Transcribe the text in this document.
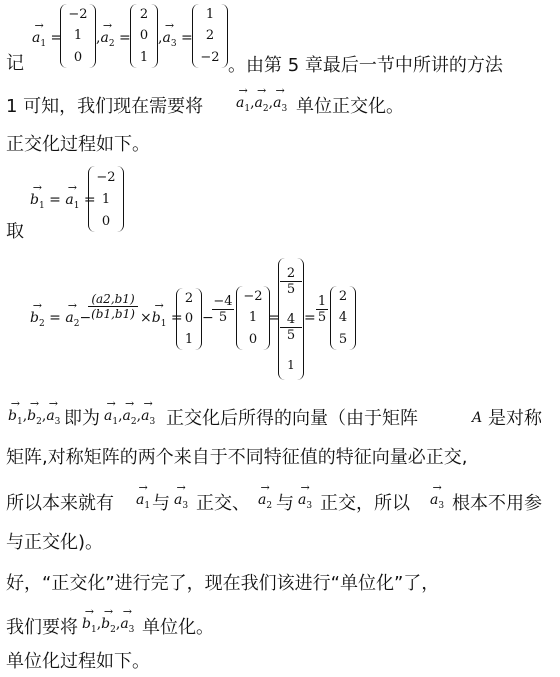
记
→
$a_1$ =
−2
1
0
,
→
$a_2$ =
2
0
1
,
→
$a_3$ =
1
2
−2 。由第 5 章最后一节中所讲的方法
1 可知，我们现在需要将
→
$a_1$,
→
$a_2$,
→
$a_3$ 单位正交化。
正交化过程如下。
→
$b_1$ =
→
$a_1$ =
−2
1
0
取
→
$b_2$ =
→
$a_2-$
(a2,b1)
(b1,b1) ×
→
$b_1$ =
2
0
1
−
−4
5
−2
1
0
=
$\frac{2}{5}$
$\frac{4}{5}$
1
=
1
5
2
4
5
→
$b_1$,
→
$b_2$,
→
$a_3$ 即为
→
$a_1$,
→
$a_2$,
→
$a_3$ 正交化后所得的向量（由于矩阵	A 是对称
矩阵,对称矩阵的两个来自于不同特征值的特征向量必正交,
所以本来就有
→
$a_1$ 与
→
$a_3$ 正交、
→
$a_2$ 与
→
$a_3$ 正交，所以
→
$a_3$ 根本不用参
与正交化)。
好，“正交化”进行完了，现在我们该进行“单位化”了，
我们要将
→
$b_1$,
→
$b_2$,
→
$a_3$ 单位化。
单位化过程如下。
